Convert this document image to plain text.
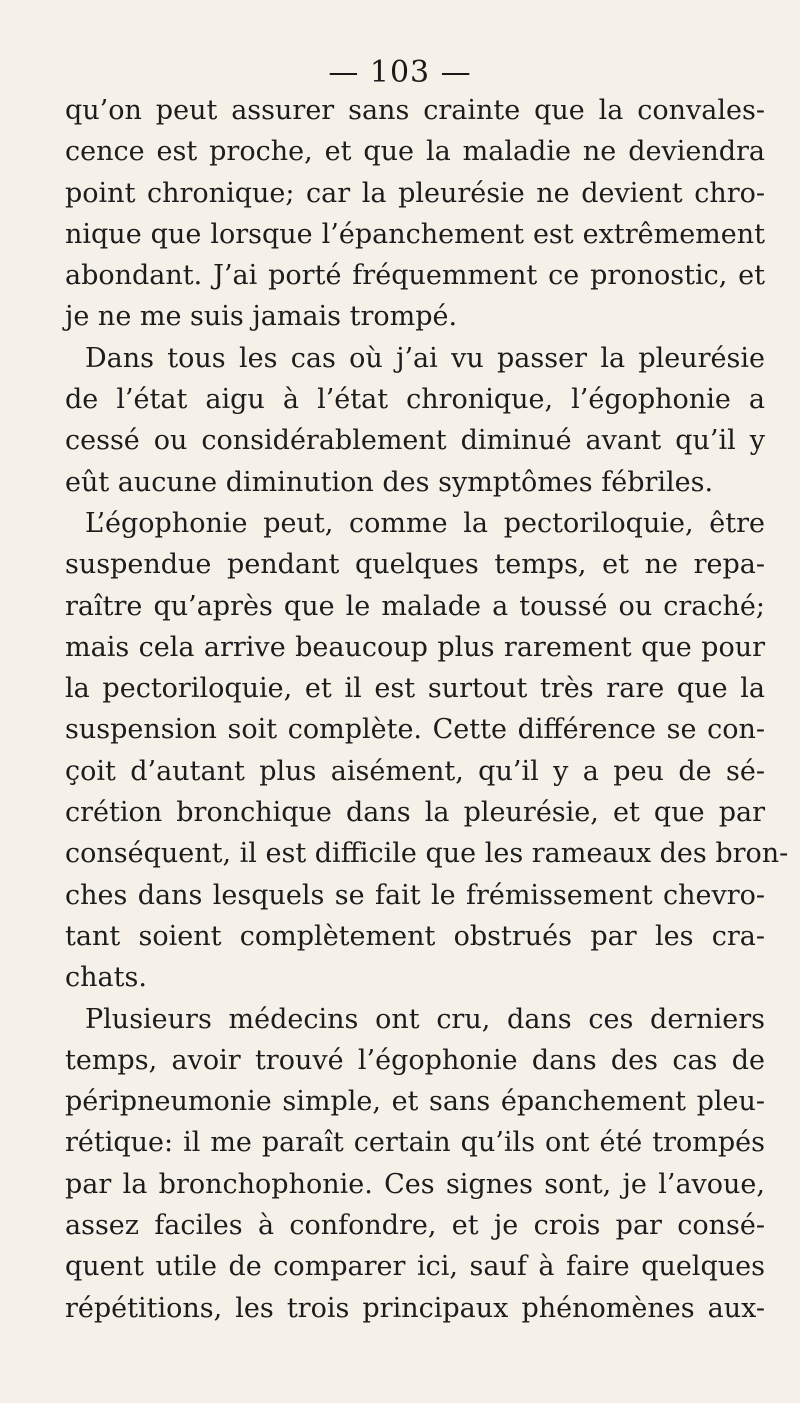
— 103 —
qu’on peut assurer sans crainte que la convales-
cence est proche, et que la maladie ne deviendra
point chronique; car la pleurésie ne devient chro-
nique que lorsque l’épanchement est extrêmement
abondant. J’ai porté fréquemment ce pronostic, et
je ne me suis jamais trompé.
Dans tous les cas où j’ai vu passer la pleurésie
de l’état aigu à l’état chronique, l’égophonie a
cessé ou considérablement diminué avant qu’il y
eût aucune diminution des symptômes fébriles.
L’égophonie peut, comme la pectoriloquie, être
suspendue pendant quelques temps, et ne repa-
raître qu’après que le malade a toussé ou craché;
mais cela arrive beaucoup plus rarement que pour
la pectoriloquie, et il est surtout très rare que la
suspension soit complète. Cette différence se con-
çoit d’autant plus aisément, qu’il y a peu de sé-
crétion bronchique dans la pleurésie, et que par
conséquent, il est difficile que les rameaux des bron-
ches dans lesquels se fait le frémissement chevro-
tant soient complètement obstrués par les cra-
chats.
Plusieurs médecins ont cru, dans ces derniers
temps, avoir trouvé l’égophonie dans des cas de
péripneumonie simple, et sans épanchement pleu-
rétique: il me paraît certain qu’ils ont été trompés
par la bronchophonie. Ces signes sont, je l’avoue,
assez faciles à confondre, et je crois par consé-
quent utile de comparer ici, sauf à faire quelques
répétitions, les trois principaux phénomènes aux-
